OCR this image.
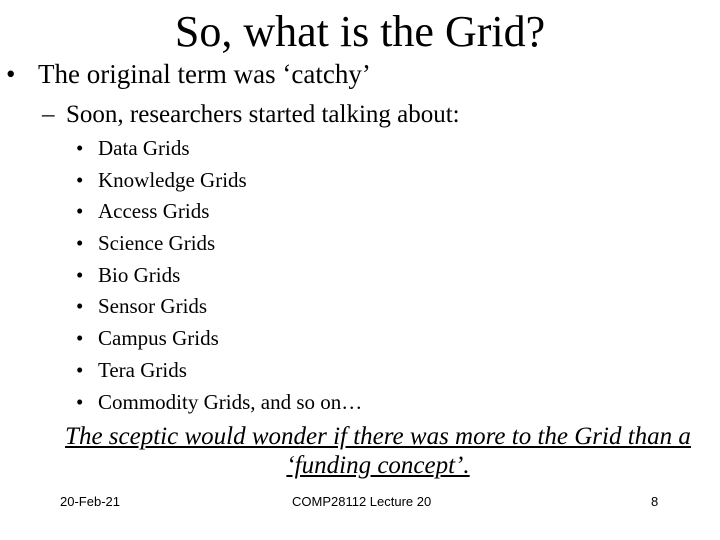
So, what is the Grid?
• The original term was ‘catchy’
– Soon, researchers started talking about:
• Data Grids
• Knowledge Grids
• Access Grids
• Science Grids
• Bio Grids
• Sensor Grids
• Campus Grids
• Tera Grids
• Commodity Grids, and so on…
The sceptic would wonder if there was more to the Grid than a ‘funding concept’.
20-Feb-21	COMP28112 Lecture 20	8
